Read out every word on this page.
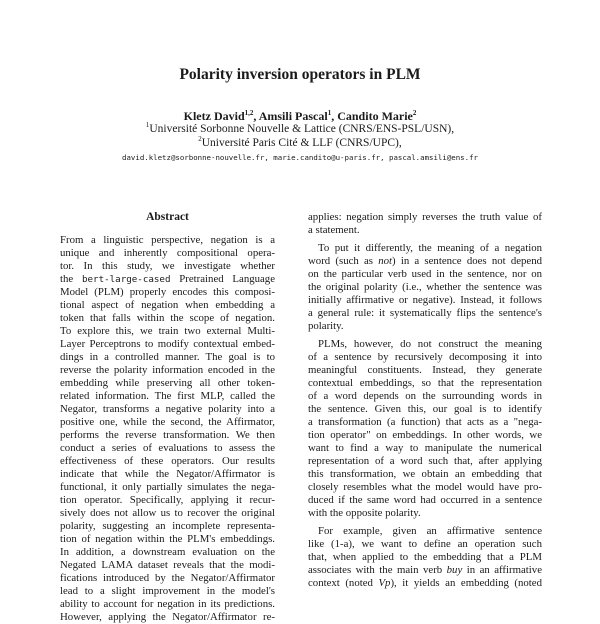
Polarity inversion operators in PLM
Kletz David$^{1,2}$, Amsili Pascal$^1$, Candito Marie$^2$
$^1$Université Sorbonne Nouvelle & Lattice (CNRS/ENS-PSL/USN),
$^2$Université Paris Cité & LLF (CNRS/UPC),
david.kletz@sorbonne-nouvelle.fr, marie.candito@u-paris.fr, pascal.amsili@ens.fr
Abstract
From a linguistic perspective, negation is a
unique and inherently compositional opera-
tor. In this study, we investigate whether
the bert-large-cased Pretrained Language
Model (PLM) properly encodes this composi-
tional aspect of negation when embedding a
token that falls within the scope of negation.
To explore this, we train two external Multi-
Layer Perceptrons to modify contextual embed-
dings in a controlled manner. The goal is to
reverse the polarity information encoded in the
embedding while preserving all other token-
related information. The first MLP, called the
Negator, transforms a negative polarity into a
positive one, while the second, the Affirmator,
performs the reverse transformation. We then
conduct a series of evaluations to assess the
effectiveness of these operators. Our results
indicate that while the Negator/Affirmator is
functional, it only partially simulates the nega-
tion operator. Specifically, applying it recur-
sively does not allow us to recover the original
polarity, suggesting an incomplete representa-
tion of negation within the PLM's embeddings.
In addition, a downstream evaluation on the
Negated LAMA dataset reveals that the modi-
fications introduced by the Negator/Affirmator
lead to a slight improvement in the model's
ability to account for negation in its predictions.
However, applying the Negator/Affirmator re-
applies: negation simply reverses the truth value of
a statement.
To put it differently, the meaning of a negation
word (such as not) in a sentence does not depend
on the particular verb used in the sentence, nor on
the original polarity (i.e., whether the sentence was
initially affirmative or negative). Instead, it follows
a general rule: it systematically flips the sentence's
polarity.
PLMs, however, do not construct the meaning
of a sentence by recursively decomposing it into
meaningful constituents. Instead, they generate
contextual embeddings, so that the representation
of a word depends on the surrounding words in
the sentence. Given this, our goal is to identify
a transformation (a function) that acts as a "nega-
tion operator" on embeddings. In other words, we
want to find a way to manipulate the numerical
representation of a word such that, after applying
this transformation, we obtain an embedding that
closely resembles what the model would have pro-
duced if the same word had occurred in a sentence
with the opposite polarity.
For example, given an affirmative sentence
like (1-a), we want to define an operation such
that, when applied to the embedding that a PLM
associates with the main verb buy in an affirmative
context (noted Vp), it yields an embedding (noted
